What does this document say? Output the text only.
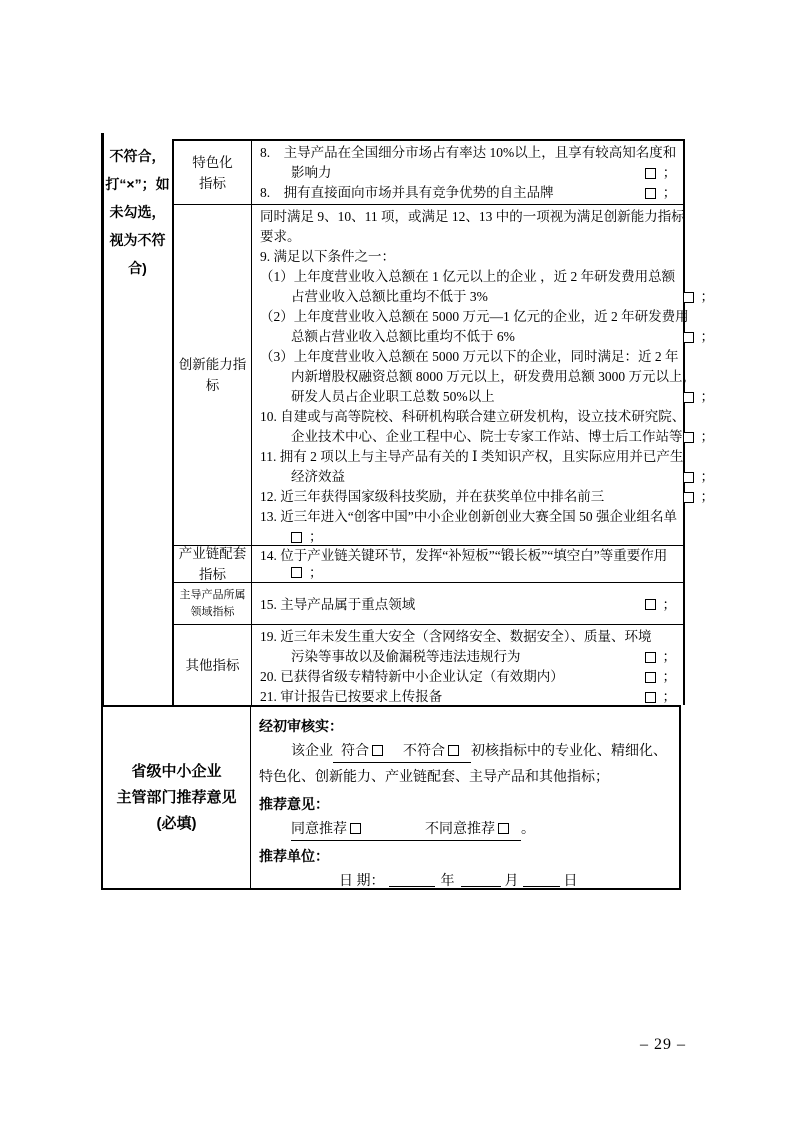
不符合，
打“×”；如
未勾选，
视为不符
合)
特色化
指标
8.　主导产品在全国细分市场占有率达 10%以上，且享有较高知名度和
影响力	；
8.　拥有直接面向市场并具有竞争优势的自主品牌	；
创新能力指
标
同时满足 9、10、11 项，或满足 12、13 中的一项视为满足创新能力指标
要求。
9. 满足以下条件之一：
（1）上年度营业收入总额在 1 亿元以上的企业 ，近 2 年研发费用总额
占营业收入总额比重均不低于 3%	；
（2）上年度营业收入总额在 5000 万元—1 亿元的企业，近 2 年研发费用
总额占营业收入总额比重均不低于 6%	；
（3）上年度营业收入总额在 5000 万元以下的企业，同时满足：近 2 年
内新增股权融资总额 8000 万元以上，研发费用总额 3000 万元以上，
研发人员占企业职工总数 50%以上	；
10. 自建或与高等院校、科研机构联合建立研发机构，设立技术研究院、
企业技术中心、企业工程中心、院士专家工作站、博士后工作站等 ；
11. 拥有 2 项以上与主导产品有关的 Ⅰ 类知识产权，且实际应用并已产生
经济效益	；
12. 近三年获得国家级科技奖励，并在获奖单位中排名前三	；
13. 近三年进入“创客中国”中小企业创新创业大赛全国 50 强企业组名单
；
产业链配套
指标
14. 位于产业链关键环节，发挥“补短板”“锻长板”“填空白”等重要作用
；
主导产品所属
领域指标 15. 主导产品属于重点领域	；
其他指标
19. 近三年未发生重大安全（含网络安全、数据安全）、质量、环境
污染等事故以及偷漏税等违法违规行为	；
20. 已获得省级专精特新中小企业认定（有效期内）	；
21. 审计报告已按要求上传报备	；
省级中小企业
主管部门推荐意见
(必填)
经初审核实：
该企业 符合 不符合 初核指标中的专业化、精细化、
特色化、创新能力、产业链配套、主导产品和其他指标；
推荐意见：
同意推荐	不同意推荐 。
推荐单位：
日 期：	年	月	日
– 29 –
